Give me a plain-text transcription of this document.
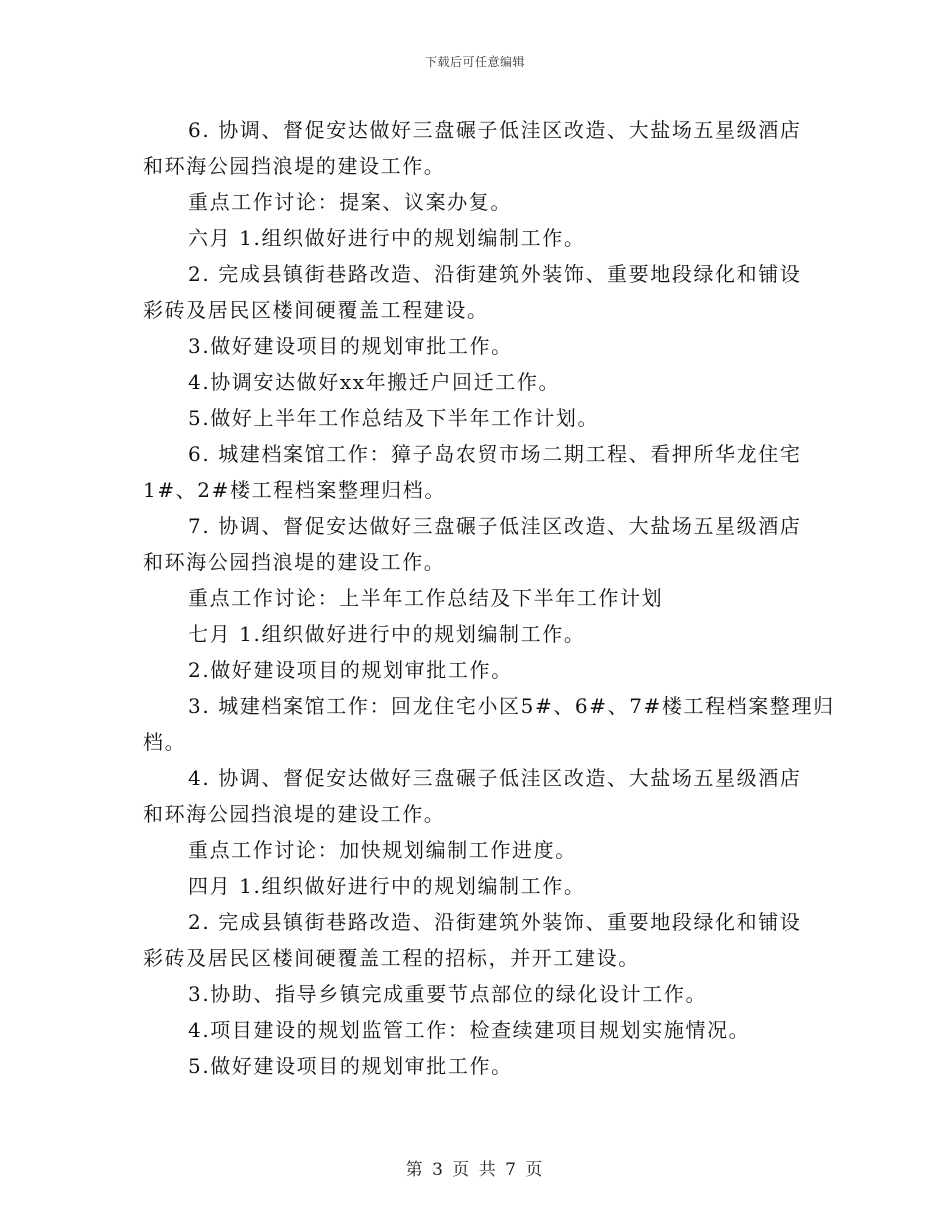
下载后可任意编辑
6. 协调、督促安达做好三盘碾子低洼区改造、大盐场五星级酒店
和环海公园挡浪堤的建设工作。
重点工作讨论：提案、议案办复。
六月 1.组织做好进行中的规划编制工作。
2. 完成县镇街巷路改造、沿街建筑外装饰、重要地段绿化和铺设
彩砖及居民区楼间硬覆盖工程建设。
3.做好建设项目的规划审批工作。
4.协调安达做好xx年搬迁户回迁工作。
5.做好上半年工作总结及下半年工作计划。
6. 城建档案馆工作：獐子岛农贸市场二期工程、看押所华龙住宅
1#、2#楼工程档案整理归档。
7. 协调、督促安达做好三盘碾子低洼区改造、大盐场五星级酒店
和环海公园挡浪堤的建设工作。
重点工作讨论：上半年工作总结及下半年工作计划
七月 1.组织做好进行中的规划编制工作。
2.做好建设项目的规划审批工作。
3. 城建档案馆工作：回龙住宅小区5#、6#、7#楼工程档案整理归
档。
4. 协调、督促安达做好三盘碾子低洼区改造、大盐场五星级酒店
和环海公园挡浪堤的建设工作。
重点工作讨论：加快规划编制工作进度。
四月 1.组织做好进行中的规划编制工作。
2. 完成县镇街巷路改造、沿街建筑外装饰、重要地段绿化和铺设
彩砖及居民区楼间硬覆盖工程的招标，并开工建设。
3.协助、指导乡镇完成重要节点部位的绿化设计工作。
4.项目建设的规划监管工作：检查续建项目规划实施情况。
5.做好建设项目的规划审批工作。
第 3 页 共 7 页
